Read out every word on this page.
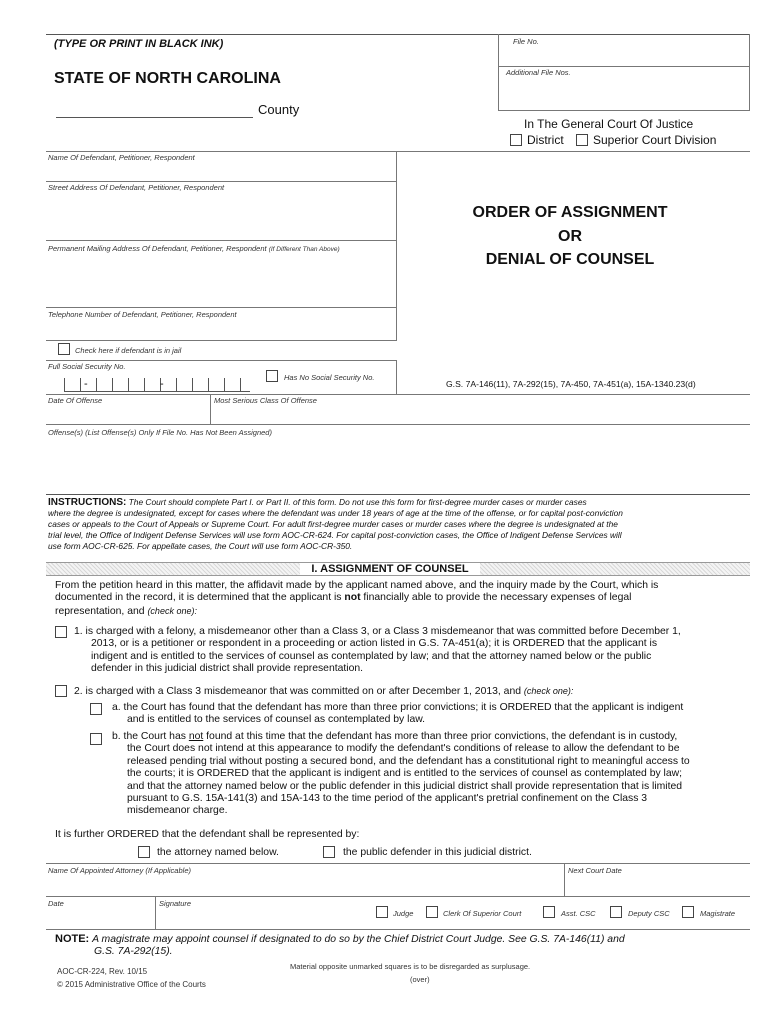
(TYPE OR PRINT IN BLACK INK)
STATE OF NORTH CAROLINA
County
File No.
Additional File Nos.
In The General Court Of Justice
District Superior Court Division
Name Of Defendant, Petitioner, Respondent
Street Address Of Defendant, Petitioner, Respondent
Permanent Mailing Address Of Defendant, Petitioner, Respondent (If Different Than Above)
Telephone Number of Defendant, Petitioner, Respondent
Check here if defendant is in jail
Full Social Security No.
-	-
Has No Social Security No.
Date Of Offense	Most Serious Class Of Offense
Offense(s) (List Offense(s) Only If File No. Has Not Been Assigned)
ORDER OF ASSIGNMENT
OR
DENIAL OF COUNSEL
G.S. 7A-146(11), 7A-292(15), 7A-450, 7A-451(a), 15A-1340.23(d)
INSTRUCTIONS: The Court should complete Part I. or Part II. of this form. Do not use this form for first-degree murder cases or murder cases
where the degree is undesignated, except for cases where the defendant was under 18 years of age at the time of the offense, or for capital post-conviction
cases or appeals to the Court of Appeals or Supreme Court. For adult first-degree murder cases or murder cases where the degree is undesignated at the
trial level, the Office of Indigent Defense Services will use form AOC-CR-624. For capital post-conviction cases, the Office of Indigent Defense Services will
use form AOC-CR-625. For appellate cases, the Court will use form AOC-CR-350.
I. ASSIGNMENT OF COUNSEL
From the petition heard in this matter, the affidavit made by the applicant named above, and the inquiry made by the Court, which is
documented in the record, it is determined that the applicant is not financially able to provide the necessary expenses of legal
representation, and (check one):
1. is charged with a felony, a misdemeanor other than a Class 3, or a Class 3 misdemeanor that was committed before December 1,
2013, or is a petitioner or respondent in a proceeding or action listed in G.S. 7A-451(a); it is ORDERED that the applicant is
indigent and is entitled to the services of counsel as contemplated by law; and that the attorney named below or the public
defender in this judicial district shall provide representation.
2. is charged with a Class 3 misdemeanor that was committed on or after December 1, 2013, and (check one):
a. the Court has found that the defendant has more than three prior convictions; it is ORDERED that the applicant is indigent
and is entitled to the services of counsel as contemplated by law.
b. the Court has not found at this time that the defendant has more than three prior convictions, the defendant is in custody,
the Court does not intend at this appearance to modify the defendant's conditions of release to allow the defendant to be
released pending trial without posting a secured bond, and the defendant has a constitutional right to meaningful access to
the courts; it is ORDERED that the applicant is indigent and is entitled to the services of counsel as contemplated by law;
and that the attorney named below or the public defender in this judicial district shall provide representation that is limited
pursuant to G.S. 15A-141(3) and 15A-143 to the time period of the applicant's pretrial confinement on the Class 3
misdemeanor charge.
It is further ORDERED that the defendant shall be represented by:
the attorney named below.	the public defender in this judicial district.
Name Of Appointed Attorney (If Applicable)	Next Court Date
Date	Signature
Judge	Clerk Of Superior Court	Asst. CSC	Deputy CSC	Magistrate
NOTE: A magistrate may appoint counsel if designated to do so by the Chief District Court Judge. See G.S. 7A-146(11) and
G.S. 7A-292(15).
AOC-CR-224, Rev. 10/15
© 2015 Administrative Office of the Courts
Material opposite unmarked squares is to be disregarded as surplusage.
(over)
